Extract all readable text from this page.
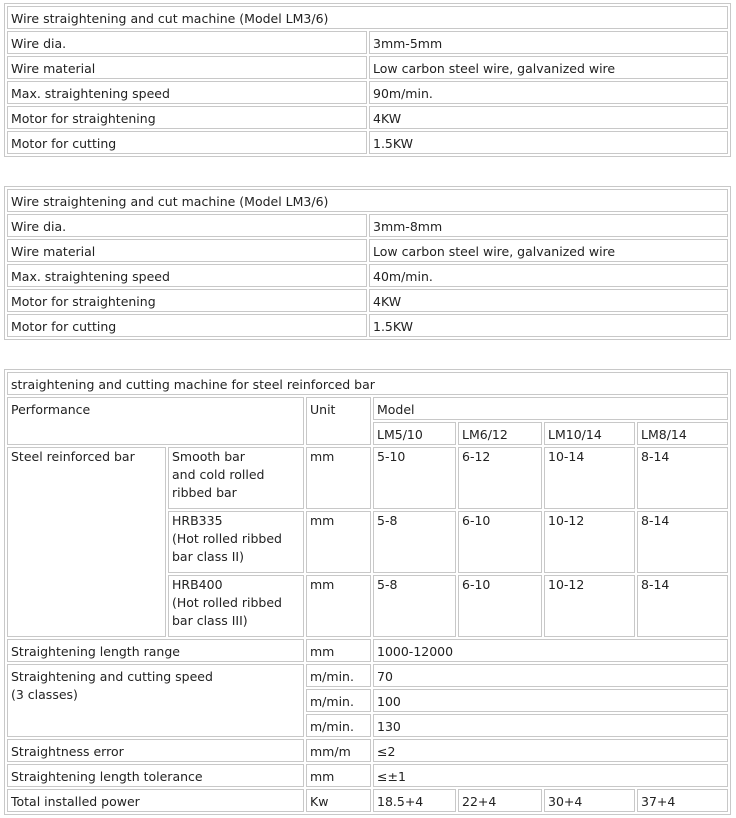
Wire straightening and cut machine (Model LM3/6)	
Wire dia.	3mm-5mm
Wire material	Low carbon steel wire, galvanized wire
Max. straightening speed	90m/min.
Motor for straightening	4KW
Motor for cutting	1.5KW
Wire straightening and cut machine (Model LM3/6)	
Wire dia.	3mm-8mm
Wire material	Low carbon steel wire, galvanized wire
Max. straightening speed	40m/min.
Motor for straightening	4KW
Motor for cutting	1.5KW
straightening and cutting machine for steel reinforced bar						
Performance		Unit	Model			
			LM5/10	LM6/12	LM10/14	LM8/14
Steel reinforced bar	Smooth bar
and cold rolled
ribbed bar	mm	5-10	6-12	10-14	8-14
	HRB335
(Hot rolled ribbed
bar class II)	mm	5-8	6-10	10-12	8-14
	HRB400
(Hot rolled ribbed
bar class III)	mm	5-8	6-10	10-12	8-14
Straightening length range		mm	1000-12000			
Straightening and cutting speed
(3 classes)		m/min.	70			
		m/min.	100			
		m/min.	130			
Straightness error		mm/m	≤2			
Straightening length tolerance		mm	≤±1			
Total installed power		Kw	18.5+4	22+4	30+4	37+4
